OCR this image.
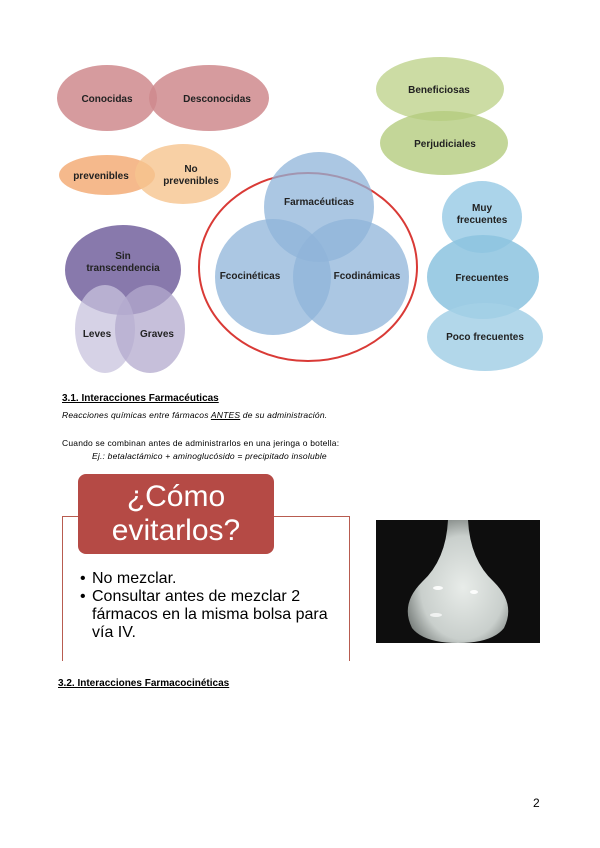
Conocidas	Desconocidas
prevenibles
No
prevenibles
Sin
transcendencia
Leves	Graves
Farmacéuticas
Fcocinéticas	Fcodinámicas
Beneficiosas
Perjudiciales
Muy
frecuentes
Frecuentes
Poco frecuentes
3.1. Interacciones Farmacéuticas
Reacciones químicas entre fármacos ANTES de su administración.
Cuando se combinan antes de administrarlos en una jeringa o botella:
Ej.: betalactámico + aminoglucósido = precipitado insoluble
¿Cómo
evitarlos?
• No mezclar.
• Consultar antes de mezclar 2 fármacos en la misma bolsa para vía IV.
3.2. Interacciones Farmacocinéticas
2
